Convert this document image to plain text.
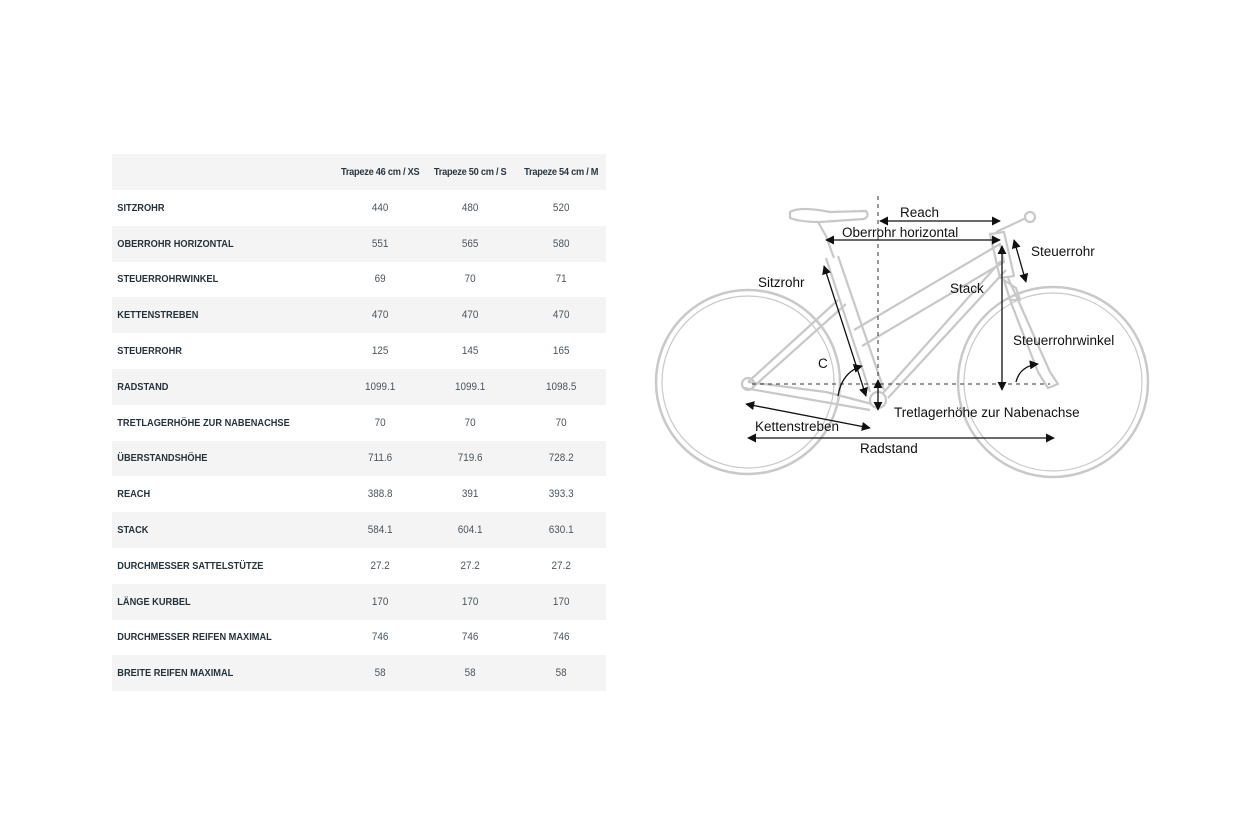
	Trapeze 46 cm / XS	Trapeze 50 cm / S	Trapeze 54 cm / M
SITZROHR	440	480	520
OBERROHR HORIZONTAL	551	565	580
STEUERROHRWINKEL	69	70	71
KETTENSTREBEN	470	470	470
STEUERROHR	125	145	165
RADSTAND	1099.1	1099.1	1098.5
TRETLAGERHÖHE ZUR NABENACHSE	70	70	70
ÜBERSTANDSHÖHE	711.6	719.6	728.2
REACH	388.8	391	393.3
STACK	584.1	604.1	630.1
DURCHMESSER SATTELSTÜTZE	27.2	27.2	27.2
LÄNGE KURBEL	170	170	170
DURCHMESSER REIFEN MAXIMAL	746	746	746
BREITE REIFEN MAXIMAL	58	58	58
Reach
Oberrohr horizontal
Steuerrohr
Sitzrohr	Stack
Steuerrohrwinkel
C
Tretlagerhöhe zur Nabenachse
Kettenstreben
Radstand
